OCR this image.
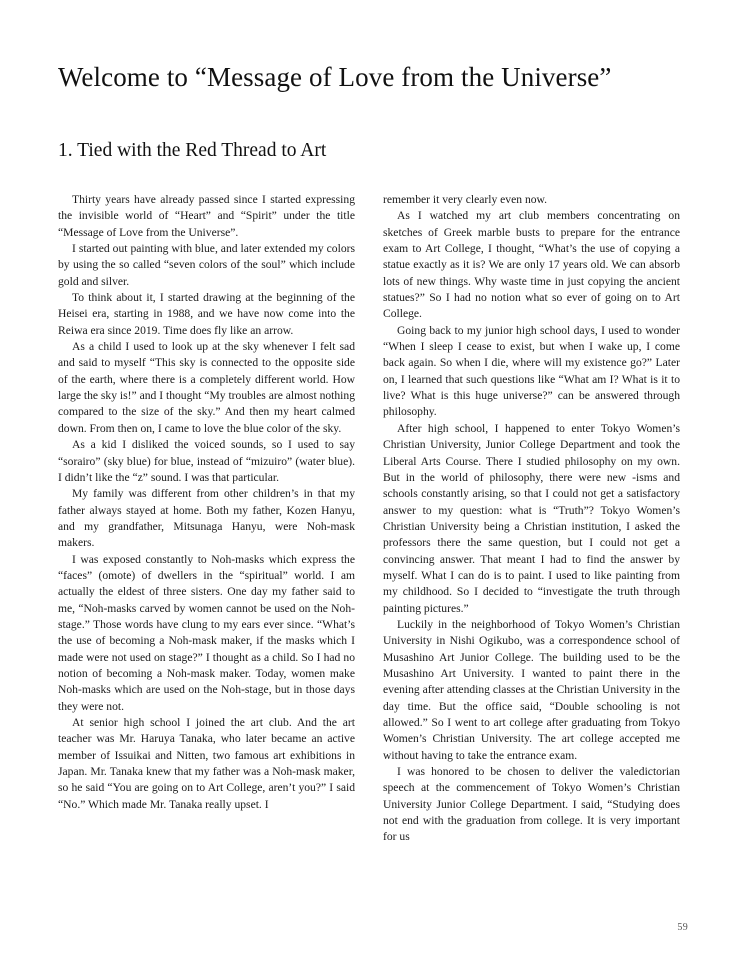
Welcome to “Message of Love from the Universe”
1. Tied with the Red Thread to Art

Thirty years have already passed since I started expressing the invisible world of “Heart” and “Spirit” under the title “Message of Love from the Universe”.

I started out painting with blue, and later extended my colors by using the so called “seven colors of the soul” which include gold and silver.

To think about it, I started drawing at the beginning of the Heisei era, starting in 1988, and we have now come into the Reiwa era since 2019. Time does fly like an arrow.

As a child I used to look up at the sky whenever I felt sad and said to myself “This sky is connected to the opposite side of the earth, where there is a completely different world. How large the sky is!” and I thought “My troubles are almost nothing compared to the size of the sky.” And then my heart calmed down. From then on, I came to love the blue color of the sky.

As a kid I disliked the voiced sounds, so I used to say “sorairo” (sky blue) for blue, instead of “mizuiro” (water blue). I didn’t like the “z” sound. I was that particular.

My family was different from other children’s in that my father always stayed at home. Both my father, Kozen Hanyu, and my grandfather, Mitsunaga Hanyu, were Noh-mask makers.

I was exposed constantly to Noh-masks which express the “faces” (omote) of dwellers in the “spiritual” world. I am actually the eldest of three sisters. One day my father said to me, “Noh-masks carved by women cannot be used on the Noh-stage.” Those words have clung to my ears ever since. “What’s the use of becoming a Noh-mask maker, if the masks which I made were not used on stage?” I thought as a child. So I had no notion of becoming a Noh-mask maker. Today, women make Noh-masks which are used on the Noh-stage, but in those days they were not.

At senior high school I joined the art club. And the art teacher was Mr. Haruya Tanaka, who later became an active member of Issuikai and Nitten, two famous art exhibitions in Japan. Mr. Tanaka knew that my father was a Noh-mask maker, so he said “You are going on to Art College, aren’t you?” I said “No.” Which made Mr. Tanaka really upset. I

remember it very clearly even now.

As I watched my art club members concentrating on sketches of Greek marble busts to prepare for the entrance exam to Art College, I thought, “What’s the use of copying a statue exactly as it is? We are only 17 years old. We can absorb lots of new things. Why waste time in just copying the ancient statues?” So I had no notion what so ever of going on to Art College.

Going back to my junior high school days, I used to wonder “When I sleep I cease to exist, but when I wake up, I come back again. So when I die, where will my existence go?” Later on, I learned that such questions like “What am I? What is it to live? What is this huge universe?” can be answered through philosophy.

After high school, I happened to enter Tokyo Women’s Christian University, Junior College Department and took the Liberal Arts Course. There I studied philosophy on my own. But in the world of philosophy, there were new -isms and schools constantly arising, so that I could not get a satisfactory answer to my question: what is “Truth”? Tokyo Women’s Christian University being a Christian institution, I asked the professors there the same question, but I could not get a convincing answer. That meant I had to find the answer by myself. What I can do is to paint. I used to like painting from my childhood. So I decided to “investigate the truth through painting pictures.”

Luckily in the neighborhood of Tokyo Women’s Christian University in Nishi Ogikubo, was a correspondence school of Musashino Art Junior College. The building used to be the Musashino Art University. I wanted to paint there in the evening after attending classes at the Christian University in the day time. But the office said, “Double schooling is not allowed.” So I went to art college after graduating from Tokyo Women’s Christian University. The art college accepted me without having to take the entrance exam.

I was honored to be chosen to deliver the valedictorian speech at the commencement of Tokyo Women’s Christian University Junior College Department. I said, “Studying does not end with the graduation from college. It is very important for us

59
